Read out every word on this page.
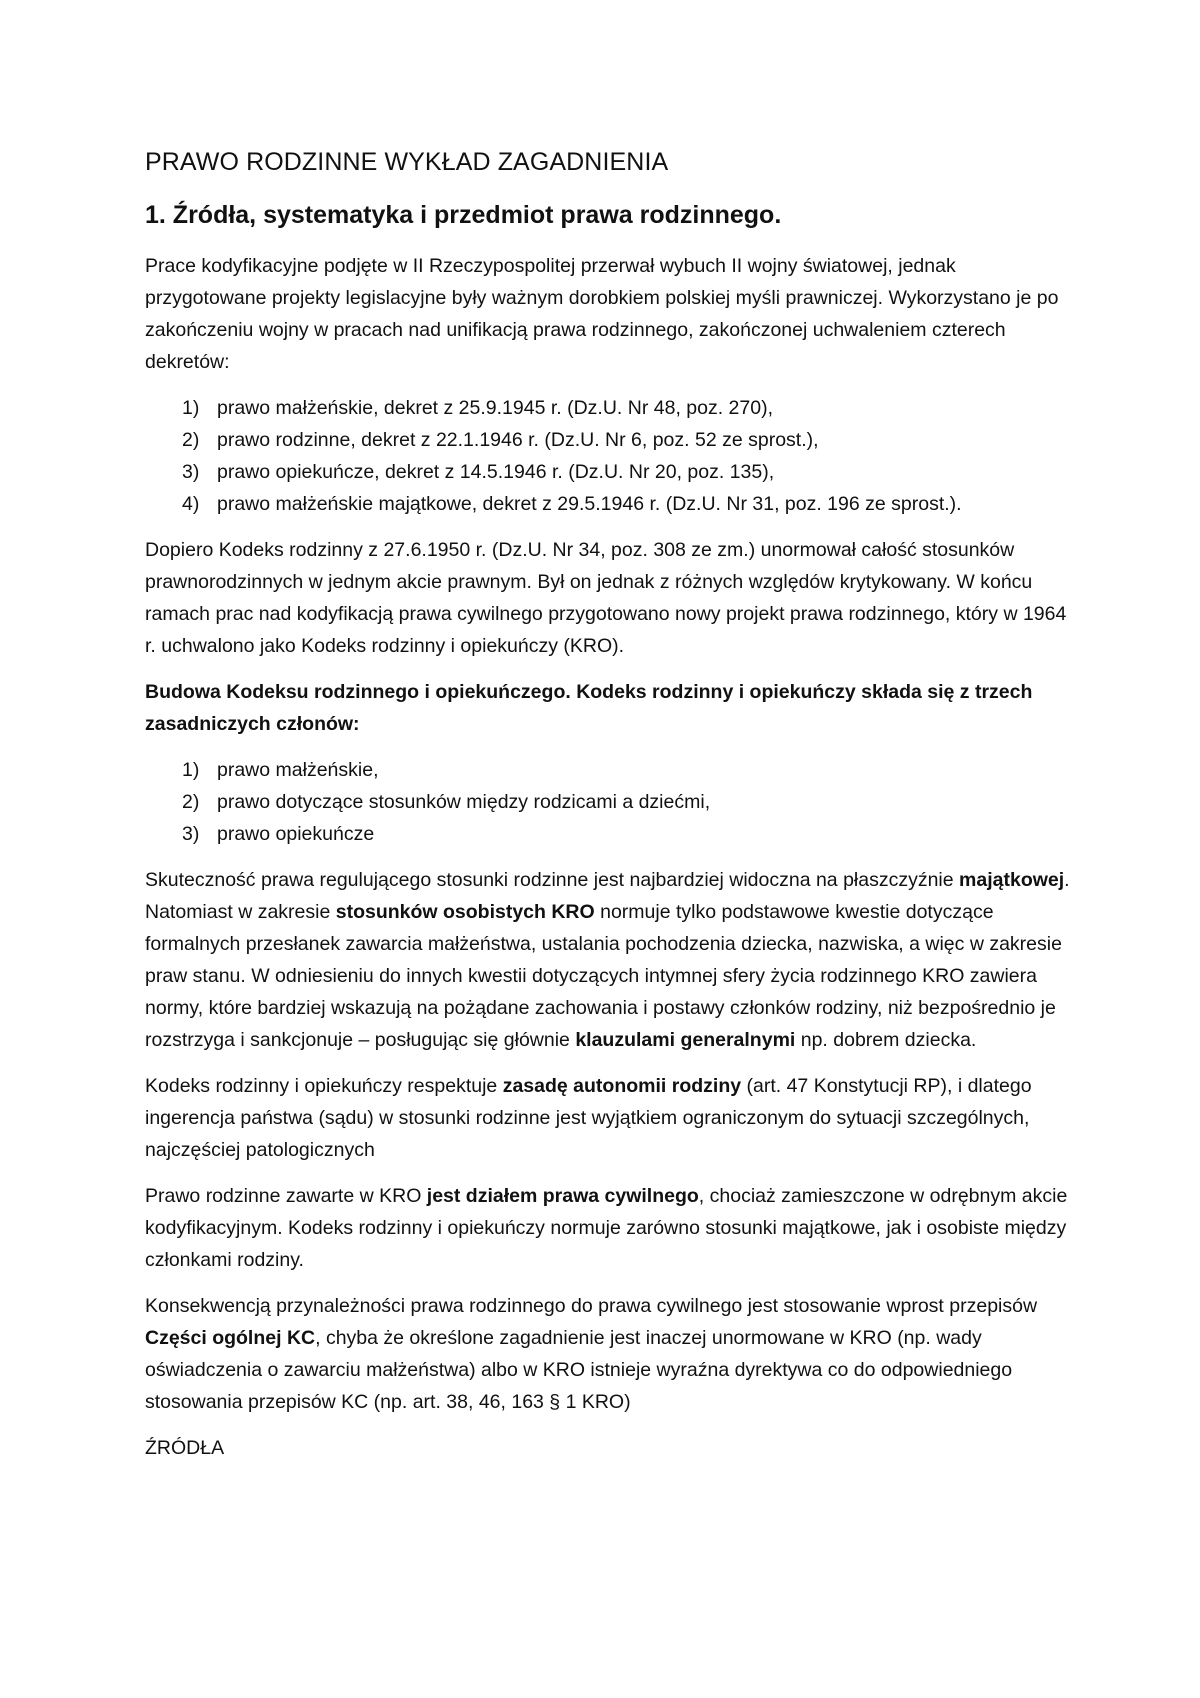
PRAWO RODZINNE WYKŁAD ZAGADNIENIA
1. Źródła, systematyka i przedmiot prawa rodzinnego.

Prace kodyfikacyjne podjęte w II Rzeczypospolitej przerwał wybuch II wojny światowej, jednak przygotowane projekty legislacyjne były ważnym dorobkiem polskiej myśli prawniczej. Wykorzystano je po zakończeniu wojny w pracach nad unifikacją prawa rodzinnego, zakończonej uchwaleniem czterech dekretów:

1) prawo małżeńskie, dekret z 25.9.1945 r. (Dz.U. Nr 48, poz. 270),
2) prawo rodzinne, dekret z 22.1.1946 r. (Dz.U. Nr 6, poz. 52 ze sprost.),
3) prawo opiekuńcze, dekret z 14.5.1946 r. (Dz.U. Nr 20, poz. 135),
4) prawo małżeńskie majątkowe, dekret z 29.5.1946 r. (Dz.U. Nr 31, poz. 196 ze sprost.).

Dopiero Kodeks rodzinny z 27.6.1950 r. (Dz.U. Nr 34, poz. 308 ze zm.) unormował całość stosunków prawnorodzinnych w jednym akcie prawnym. Był on jednak z różnych względów krytykowany. W końcu ramach prac nad kodyfikacją prawa cywilnego przygotowano nowy projekt prawa rodzinnego, który w 1964 r. uchwalono jako Kodeks rodzinny i opiekuńczy (KRO).

Budowa Kodeksu rodzinnego i opiekuńczego. Kodeks rodzinny i opiekuńczy składa się z trzech zasadniczych członów:

1) prawo małżeńskie,
2) prawo dotyczące stosunków między rodzicami a dziećmi,
3) prawo opiekuńcze

Skuteczność prawa regulującego stosunki rodzinne jest najbardziej widoczna na płaszczyźnie majątkowej. Natomiast w zakresie stosunków osobistych KRO normuje tylko podstawowe kwestie dotyczące formalnych przesłanek zawarcia małżeństwa, ustalania pochodzenia dziecka, nazwiska, a więc w zakresie praw stanu. W odniesieniu do innych kwestii dotyczących intymnej sfery życia rodzinnego KRO zawiera normy, które bardziej wskazują na pożądane zachowania i postawy członków rodziny, niż bezpośrednio je rozstrzyga i sankcjonuje – posługując się głównie klauzulami generalnymi np. dobrem dziecka.

Kodeks rodzinny i opiekuńczy respektuje zasadę autonomii rodziny (art. 47 Konstytucji RP), i dlatego ingerencja państwa (sądu) w stosunki rodzinne jest wyjątkiem ograniczonym do sytuacji szczególnych, najczęściej patologicznych

Prawo rodzinne zawarte w KRO jest działem prawa cywilnego, chociaż zamieszczone w odrębnym akcie kodyfikacyjnym. Kodeks rodzinny i opiekuńczy normuje zarówno stosunki majątkowe, jak i osobiste między członkami rodziny.

Konsekwencją przynależności prawa rodzinnego do prawa cywilnego jest stosowanie wprost przepisów Części ogólnej KC, chyba że określone zagadnienie jest inaczej unormowane w KRO (np. wady oświadczenia o zawarciu małżeństwa) albo w KRO istnieje wyraźna dyrektywa co do odpowiedniego stosowania przepisów KC (np. art. 38, 46, 163 § 1 KRO)

ŹRÓDŁA
